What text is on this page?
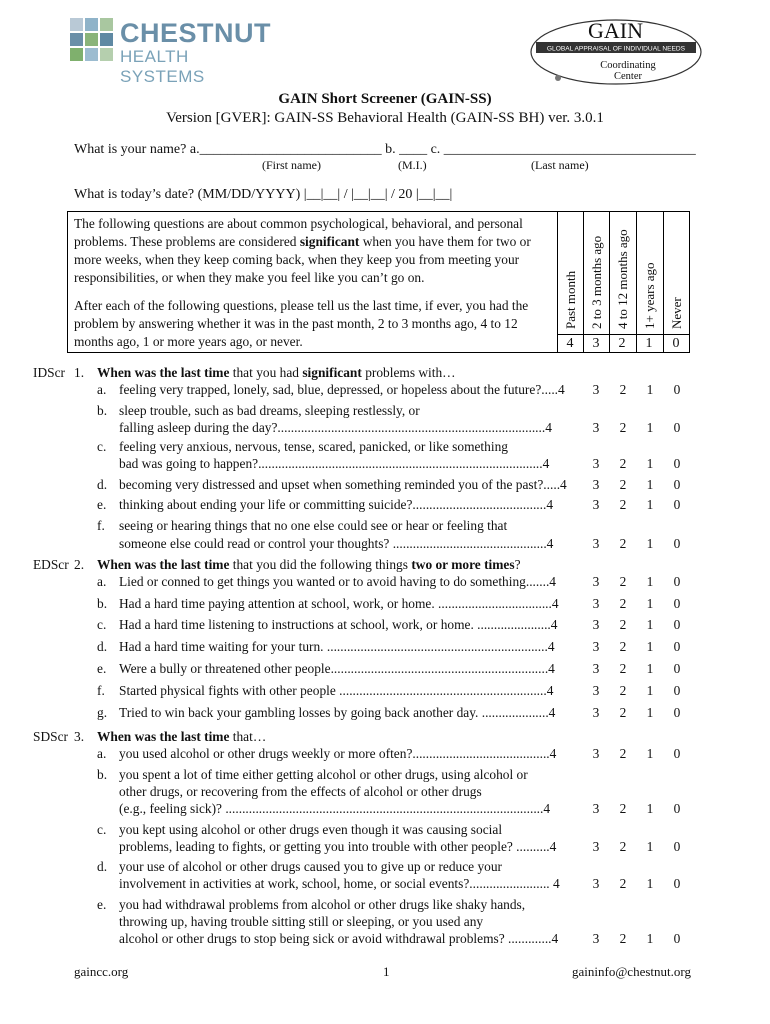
CHESTNUT
HEALTH SYSTEMS
GAIN
GLOBAL APPRAISAL OF INDIVIDUAL NEEDS
Coordinating
Center
GAIN Short Screener (GAIN-SS)
Version [GVER]: GAIN-SS Behavioral Health (GAIN-SS BH) ver. 3.0.1
What is your name? a.__________________________ b. ____ c. ____________________________________
(First name)	(M.I.)	(Last name)
What is today’s date? (MM/DD/YYYY) |__|__| / |__|__| / 20 |__|__|

The following questions are about common psychological, behavioral, and personal problems. These problems are considered significant when you have them for two or more weeks, when they keep coming back, when they keep you from meeting your responsibilities, or when they make you feel like you can’t go on.

After each of the following questions, please tell us the last time, if ever, you had the problem by answering whether it was in the past month, 2 to 3 months ago, 4 to 12 months ago, 1 or more years ago, or never.

Past month 2 to 3 months ago 4 to 12 months ago 1+ years ago Never
4	3	2	1	0
IDScr 1. When was the last time that you had significant problems with…
a. feeling very trapped, lonely, sad, blue, depressed, or hopeless about the future?.....4	3	2	1	0
b. sleep trouble, such as bad dreams, sleeping restlessly, or
falling asleep during the day?................................................................................4	3	2	1	0
c. feeling very anxious, nervous, tense, scared, panicked, or like something
bad was going to happen?.....................................................................................4	3	2	1	0
d. becoming very distressed and upset when something reminded you of the past?.....4	3	2	1	0
e. thinking about ending your life or committing suicide?........................................4	3	2	1	0
f. seeing or hearing things that no one else could see or hear or feeling that
someone else could read or control your thoughts? ..............................................4	3	2	1	0
EDScr 2. When was the last time that you did the following things two or more times?
a. Lied or conned to get things you wanted or to avoid having to do something.......4	3	2	1	0
b. Had a hard time paying attention at school, work, or home. ..................................4	3	2	1	0
c. Had a hard time listening to instructions at school, work, or home. ......................4	3	2	1	0
d. Had a hard time waiting for your turn. ..................................................................4	3	2	1	0
e. Were a bully or threatened other people.................................................................4	3	2	1	0
f. Started physical fights with other people ..............................................................4	3	2	1	0
g. Tried to win back your gambling losses by going back another day. ....................4	3	2	1	0
SDScr 3. When was the last time that…
a. you used alcohol or other drugs weekly or more often?.........................................4	3	2	1	0
b. you spent a lot of time either getting alcohol or other drugs, using alcohol or
other drugs, or recovering from the effects of alcohol or other drugs
(e.g., feeling sick)? ...............................................................................................4	3	2	1	0
c. you kept using alcohol or other drugs even though it was causing social
problems, leading to fights, or getting you into trouble with other people? ..........4	3	2	1	0
d. your use of alcohol or other drugs caused you to give up or reduce your
involvement in activities at work, school, home, or social events?........................ 4	3	2	1	0
e. you had withdrawal problems from alcohol or other drugs like shaky hands,
throwing up, having trouble sitting still or sleeping, or you used any
alcohol or other drugs to stop being sick or avoid withdrawal problems? .............4	3	2	1	0
gaincc.org	1	gaininfo@chestnut.org
